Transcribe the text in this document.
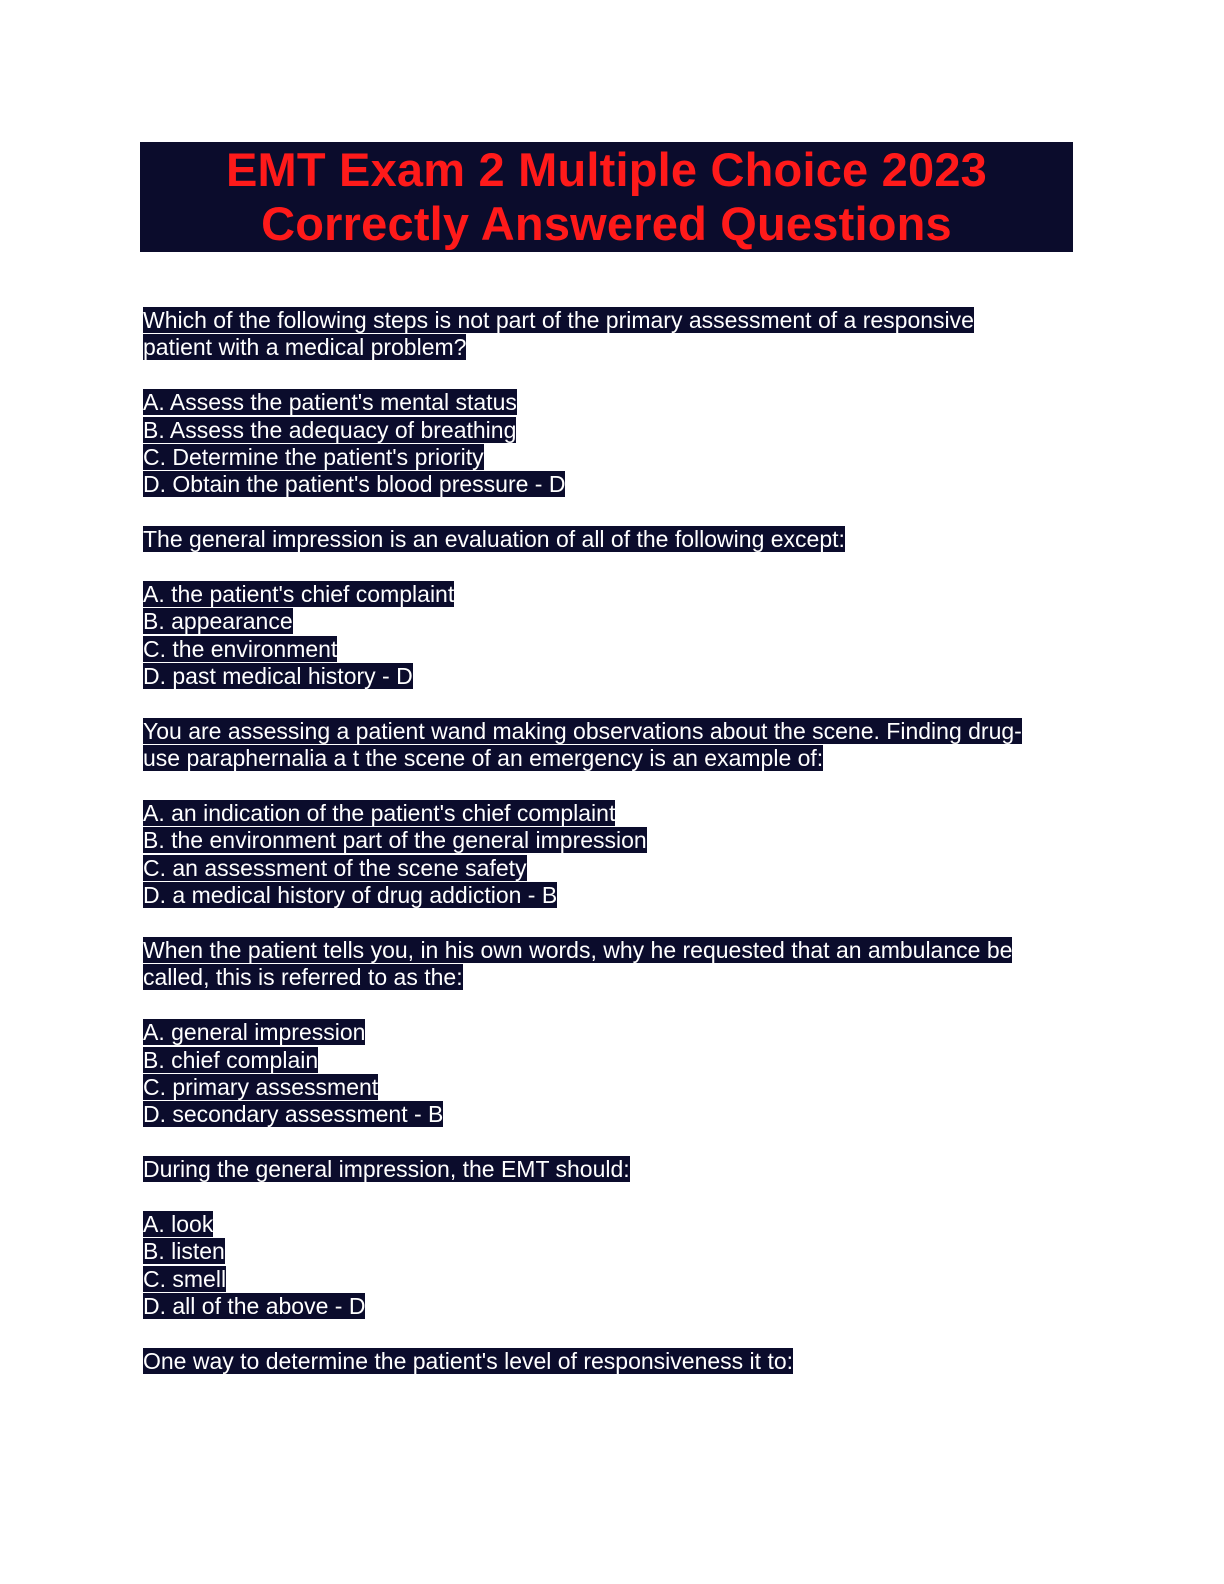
EMT Exam 2 Multiple Choice 2023
Correctly Answered Questions
Which of the following steps is not part of the primary assessment of a responsive
patient with a medical problem?
A. Assess the patient's mental status
B. Assess the adequacy of breathing
C. Determine the patient's priority
D. Obtain the patient's blood pressure - D
The general impression is an evaluation of all of the following except:
A. the patient's chief complaint
B. appearance
C. the environment
D. past medical history - D
You are assessing a patient wand making observations about the scene. Finding drug-
use paraphernalia a t the scene of an emergency is an example of:
A. an indication of the patient's chief complaint
B. the environment part of the general impression
C. an assessment of the scene safety
D. a medical history of drug addiction - B
When the patient tells you, in his own words, why he requested that an ambulance be
called, this is referred to as the:
A. general impression
B. chief complain
C. primary assessment
D. secondary assessment - B
During the general impression, the EMT should:
A. look
B. listen
C. smell
D. all of the above - D
One way to determine the patient's level of responsiveness it to:
